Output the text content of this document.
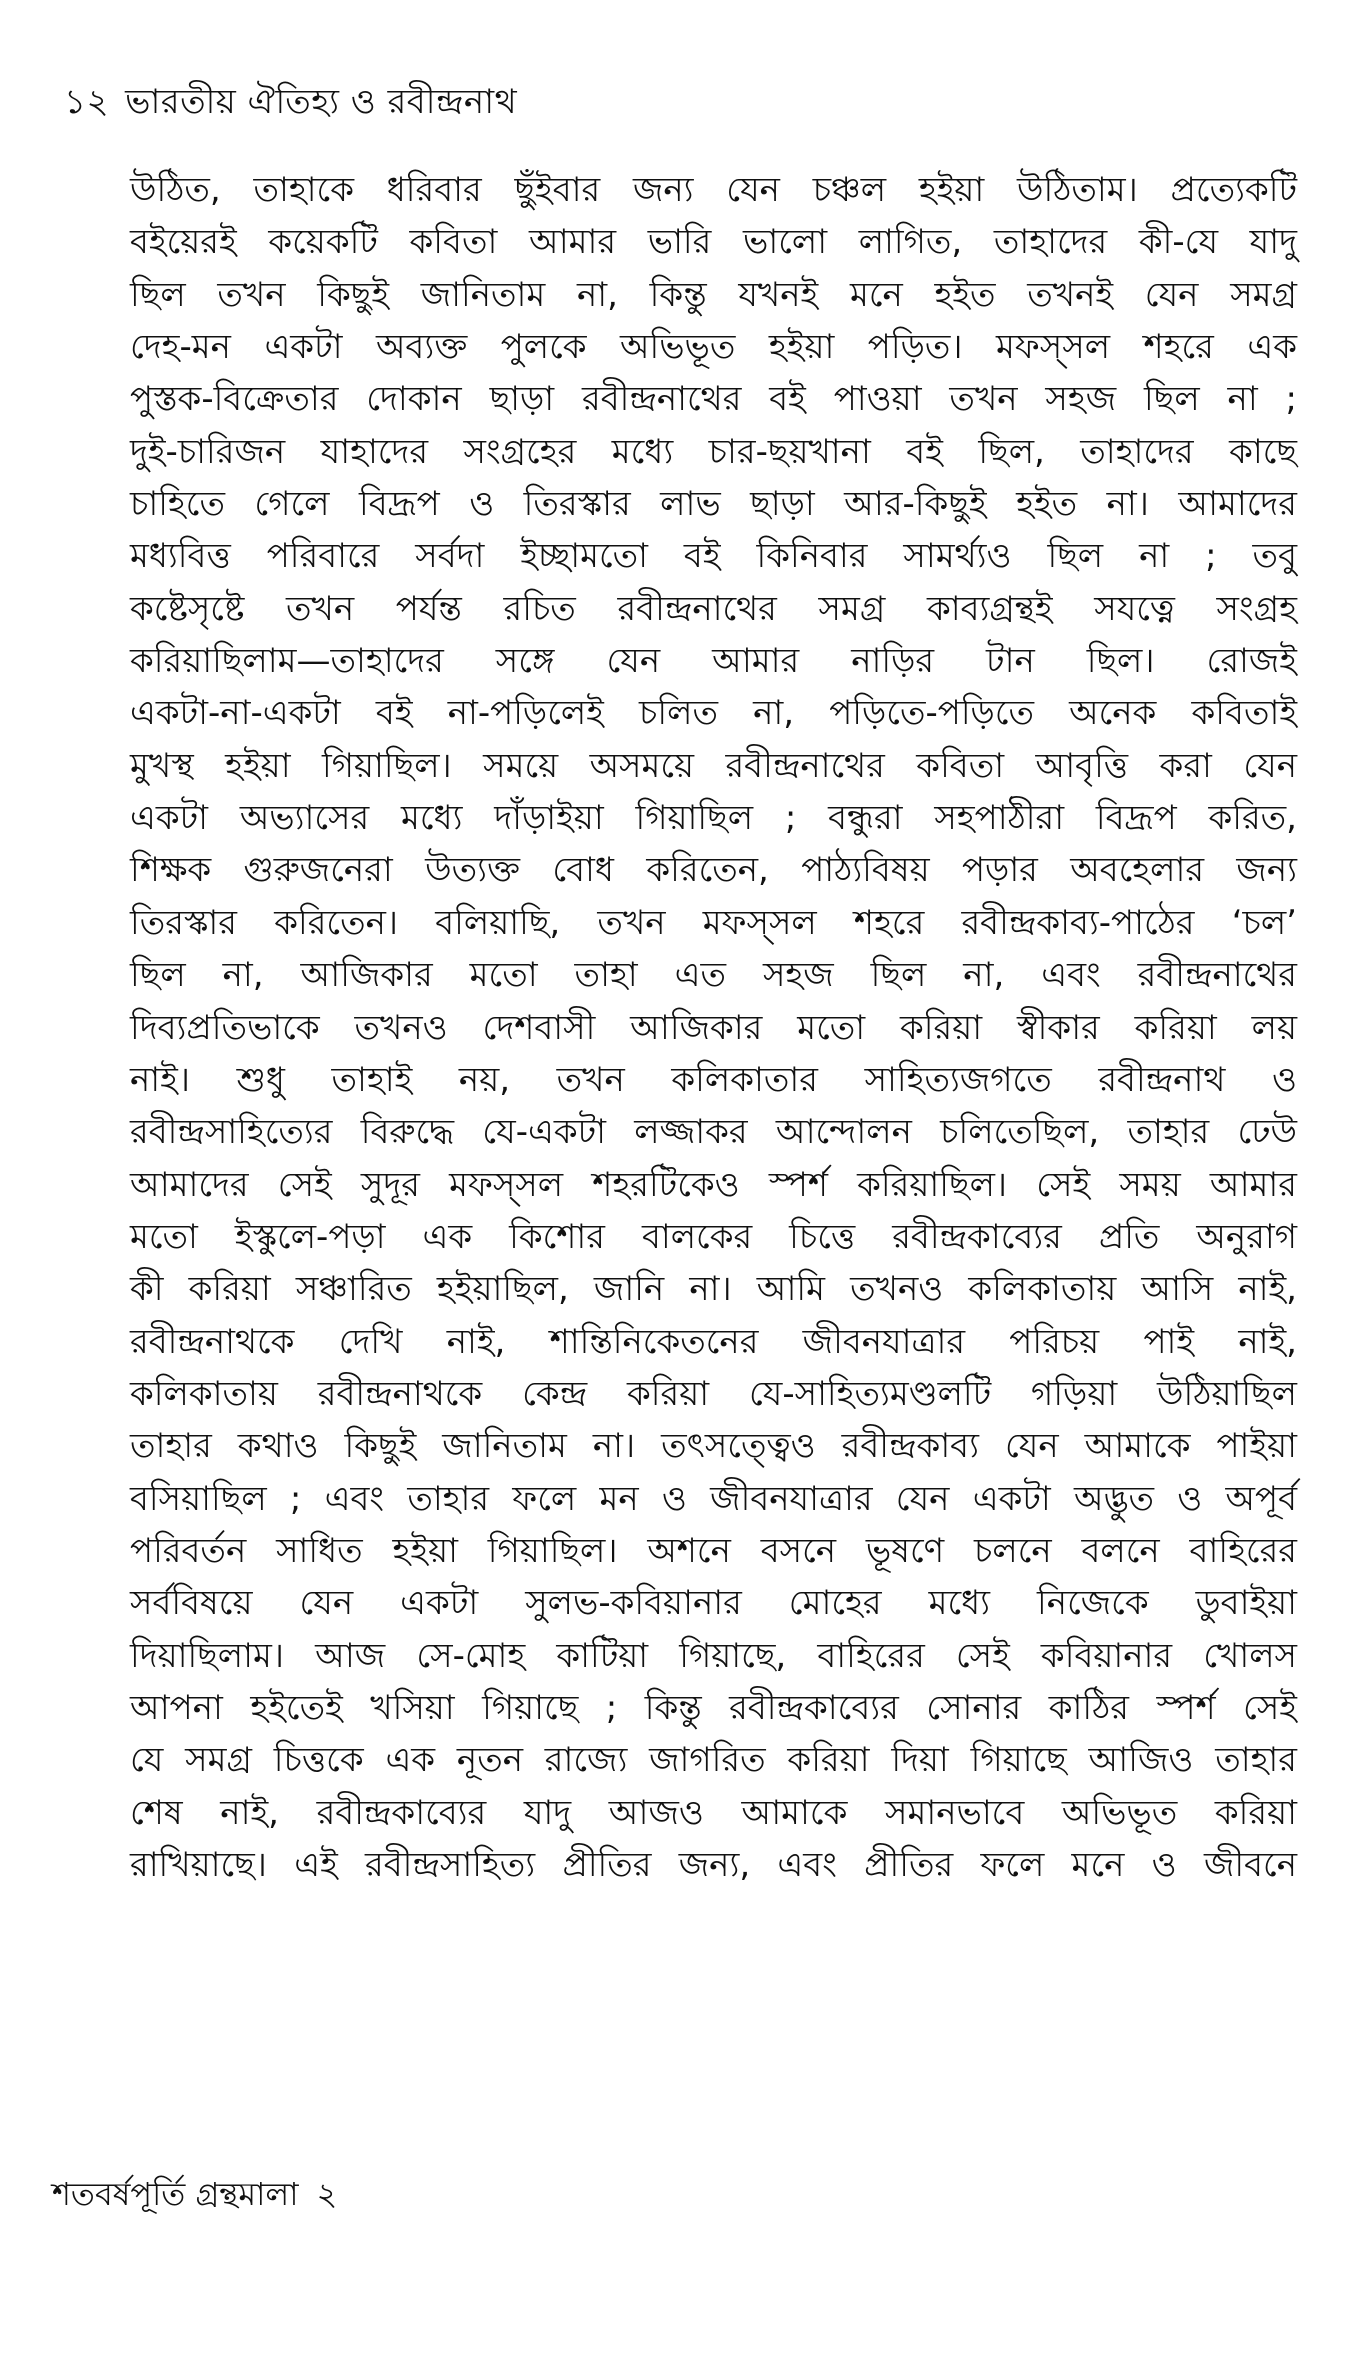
১২ ভারতীয় ঐতিহ্য ও রবীন্দ্রনাথ
উঠিত, তাহাকে ধরিবার ছুঁইবার জন্য যেন চঞ্চল হইয়া উঠিতাম। প্রত্যেকটি
বইয়েরই কয়েকটি কবিতা আমার ভারি ভালো লাগিত, তাহাদের কী-যে যাদু
ছিল তখন কিছুই জানিতাম না, কিন্তু যখনই মনে হইত তখনই যেন সমগ্র
দেহ-মন একটা অব্যক্ত পুলকে অভিভূত হইয়া পড়িত। মফস্‌সল শহরে এক
পুস্তক-বিক্রেতার দোকান ছাড়া রবীন্দ্রনাথের বই পাওয়া তখন সহজ ছিল না ;
দুই-চারিজন যাহাদের সংগ্রহের মধ্যে চার-ছয়খানা বই ছিল, তাহাদের কাছে
চাহিতে গেলে বিদ্রূপ ও তিরস্কার লাভ ছাড়া আর-কিছুই হইত না। আমাদের
মধ্যবিত্ত পরিবারে সর্বদা ইচ্ছামতো বই কিনিবার সামর্থ্যও ছিল না ; তবু
কষ্টেসৃষ্টে তখন পর্যন্ত রচিত রবীন্দ্রনাথের সমগ্র কাব্যগ্রন্থই সযত্নে সংগ্রহ
করিয়াছিলাম—তাহাদের সঙ্গে যেন আমার নাড়ির টান ছিল। রোজই
একটা-না-একটা বই না-পড়িলেই চলিত না, পড়িতে-পড়িতে অনেক কবিতাই
মুখস্থ হইয়া গিয়াছিল। সময়ে অসময়ে রবীন্দ্রনাথের কবিতা আবৃত্তি করা যেন
একটা অভ্যাসের মধ্যে দাঁড়াইয়া গিয়াছিল ; বন্ধুরা সহপাঠীরা বিদ্রূপ করিত,
শিক্ষক গুরুজনেরা উত্যক্ত বোধ করিতেন, পাঠ্যবিষয় পড়ার অবহেলার জন্য
তিরস্কার করিতেন। বলিয়াছি, তখন মফস্‌সল শহরে রবীন্দ্রকাব্য-পাঠের ‘চল’
ছিল না, আজিকার মতো তাহা এত সহজ ছিল না, এবং রবীন্দ্রনাথের
দিব্যপ্রতিভাকে তখনও দেশবাসী আজিকার মতো করিয়া স্বীকার করিয়া লয়
নাই। শুধু তাহাই নয়, তখন কলিকাতার সাহিত্যজগতে রবীন্দ্রনাথ ও
রবীন্দ্রসাহিত্যের বিরুদ্ধে যে-একটা লজ্জাকর আন্দোলন চলিতেছিল, তাহার ঢেউ
আমাদের সেই সুদূর মফস্‌সল শহরটিকেও স্পর্শ করিয়াছিল। সেই সময় আমার
মতো ইস্কুলে-পড়া এক কিশোর বালকের চিত্তে রবীন্দ্রকাব্যের প্রতি অনুরাগ
কী করিয়া সঞ্চারিত হইয়াছিল, জানি না। আমি তখনও কলিকাতায় আসি নাই,
রবীন্দ্রনাথকে দেখি নাই, শান্তিনিকেতনের জীবনযাত্রার পরিচয় পাই নাই,
কলিকাতায় রবীন্দ্রনাথকে কেন্দ্র করিয়া যে-সাহিত্যমণ্ডলটি গড়িয়া উঠিয়াছিল
তাহার কথাও কিছুই জানিতাম না। তৎসত্ত্বেও রবীন্দ্রকাব্য যেন আমাকে পাইয়া
বসিয়াছিল ; এবং তাহার ফলে মন ও জীবনযাত্রার যেন একটা অদ্ভুত ও অপূর্ব
পরিবর্তন সাধিত হইয়া গিয়াছিল। অশনে বসনে ভূষণে চলনে বলনে বাহিরের
সর্ববিষয়ে যেন একটা সুলভ-কবিয়ানার মোহের মধ্যে নিজেকে ডুবাইয়া
দিয়াছিলাম। আজ সে-মোহ কাটিয়া গিয়াছে, বাহিরের সেই কবিয়ানার খোলস
আপনা হইতেই খসিয়া গিয়াছে ; কিন্তু রবীন্দ্রকাব্যের সোনার কাঠির স্পর্শ সেই
যে সমগ্র চিত্তকে এক নূতন রাজ্যে জাগরিত করিয়া দিয়া গিয়াছে আজিও তাহার
শেষ নাই, রবীন্দ্রকাব্যের যাদু আজও আমাকে সমানভাবে অভিভূত করিয়া
রাখিয়াছে। এই রবীন্দ্রসাহিত্য প্রীতির জন্য, এবং প্রীতির ফলে মনে ও জীবনে
শতবর্ষপূর্তি গ্রন্থমালা ২
